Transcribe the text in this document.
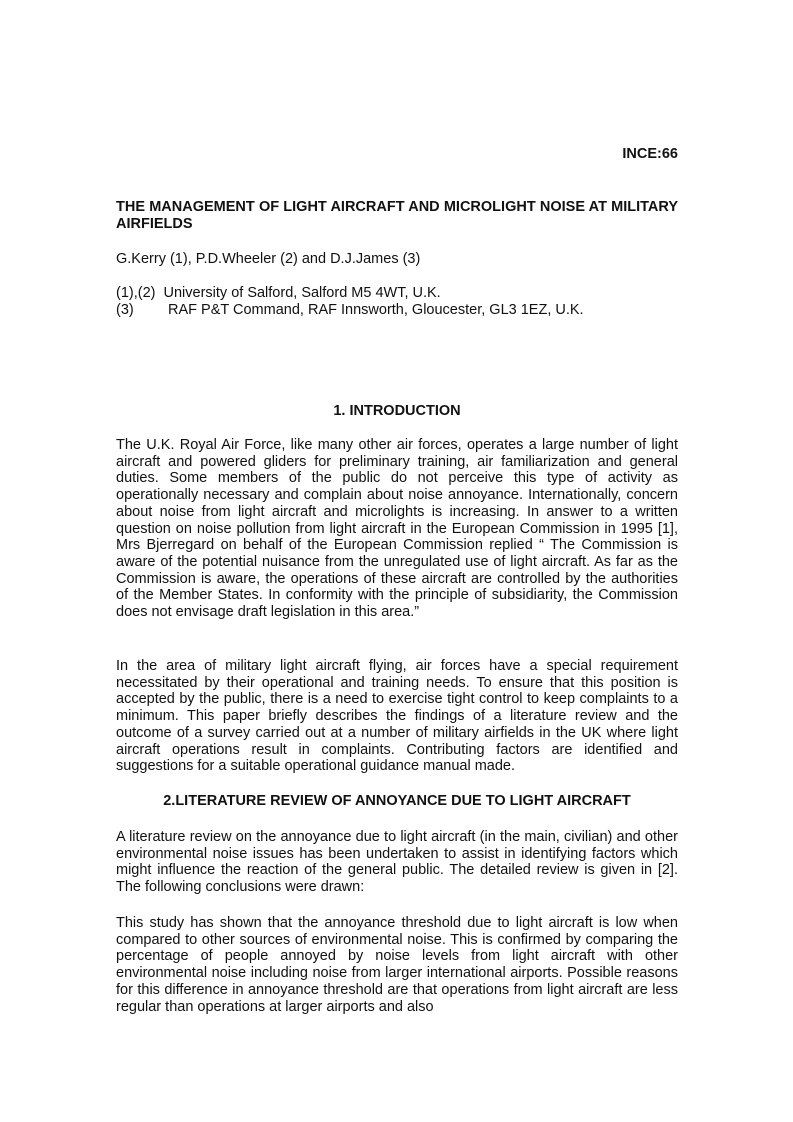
INCE:66
THE MANAGEMENT OF LIGHT AIRCRAFT AND MICROLIGHT NOISE AT MILITARY AIRFIELDS

G.Kerry (1), P.D.Wheeler (2) and D.J.James (3)

(1),(2) University of Salford, Salford M5 4WT, U.K.
(3) RAF P&T Command, RAF Innsworth, Gloucester, GL3 1EZ, U.K.
1. INTRODUCTION

The U.K. Royal Air Force, like many other air forces, operates a large number of light aircraft and powered gliders for preliminary training, air familiarization and general duties. Some members of the public do not perceive this type of activity as operationally necessary and complain about noise annoyance. Internationally, concern about noise from light aircraft and microlights is increasing. In answer to a written question on noise pollution from light aircraft in the European Commission in 1995 [1], Mrs Bjerregard on behalf of the European Commission replied “ The Commission is aware of the potential nuisance from the unregulated use of light aircraft. As far as the Commission is aware, the operations of these aircraft are controlled by the authorities of the Member States. In conformity with the principle of subsidiarity, the Commission does not envisage draft legislation in this area.”

In the area of military light aircraft flying, air forces have a special requirement necessitated by their operational and training needs. To ensure that this position is accepted by the public, there is a need to exercise tight control to keep complaints to a minimum. This paper briefly describes the findings of a literature review and the outcome of a survey carried out at a number of military airfields in the UK where light aircraft operations result in complaints. Contributing factors are identified and suggestions for a suitable operational guidance manual made.

2.LITERATURE REVIEW OF ANNOYANCE DUE TO LIGHT AIRCRAFT

A literature review on the annoyance due to light aircraft (in the main, civilian) and other environmental noise issues has been undertaken to assist in identifying factors which might influence the reaction of the general public. The detailed review is given in [2]. The following conclusions were drawn:

This study has shown that the annoyance threshold due to light aircraft is low when compared to other sources of environmental noise. This is confirmed by comparing the percentage of people annoyed by noise levels from light aircraft with other environmental noise including noise from larger international airports. Possible reasons for this difference in annoyance threshold are that operations from light aircraft are less regular than operations at larger airports and also
